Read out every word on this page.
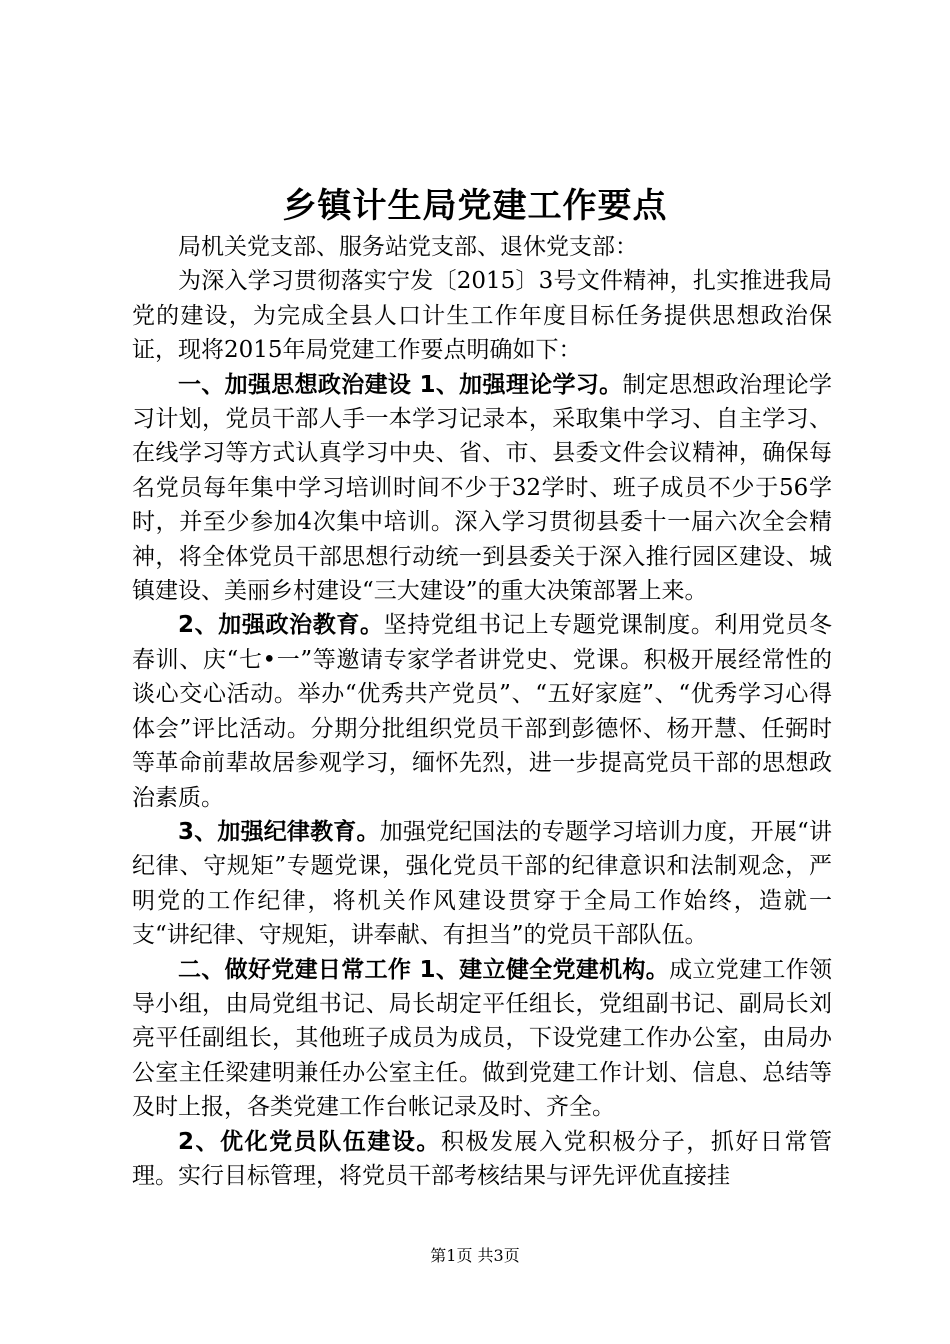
乡镇计生局党建工作要点

局机关党支部、服务站党支部、退休党支部：

为深入学习贯彻落实宁发〔2015〕3号文件精神，扎实推进我局党的建设，为完成全县人口计生工作年度目标任务提供思想政治保证，现将2015年局党建工作要点明确如下：

一、加强思想政治建设 1、加强理论学习。制定思想政治理论学习计划，党员干部人手一本学习记录本，采取集中学习、自主学习、在线学习等方式认真学习中央、省、市、县委文件会议精神，确保每名党员每年集中学习培训时间不少于32学时、班子成员不少于56学时，并至少参加4次集中培训。深入学习贯彻县委十一届六次全会精神，将全体党员干部思想行动统一到县委关于深入推行园区建设、城镇建设、美丽乡村建设“三大建设”的重大决策部署上来。

2、加强政治教育。坚持党组书记上专题党课制度。利用党员冬春训、庆“七•一”等邀请专家学者讲党史、党课。积极开展经常性的谈心交心活动。举办“优秀共产党员”、“五好家庭”、“优秀学习心得体会”评比活动。分期分批组织党员干部到彭德怀、杨开慧、任弼时等革命前辈故居参观学习，缅怀先烈，进一步提高党员干部的思想政治素质。

3、加强纪律教育。加强党纪国法的专题学习培训力度，开展“讲纪律、守规矩”专题党课，强化党员干部的纪律意识和法制观念，严明党的工作纪律，将机关作风建设贯穿于全局工作始终，造就一支“讲纪律、守规矩，讲奉献、有担当”的党员干部队伍。

二、做好党建日常工作 1、建立健全党建机构。成立党建工作领导小组，由局党组书记、局长胡定平任组长，党组副书记、副局长刘亮平任副组长，其他班子成员为成员，下设党建工作办公室，由局办公室主任梁建明兼任办公室主任。做到党建工作计划、信息、总结等及时上报，各类党建工作台帐记录及时、齐全。

2、优化党员队伍建设。积极发展入党积极分子，抓好日常管理。实行目标管理，将党员干部考核结果与评先评优直接挂

第1页 共3页
